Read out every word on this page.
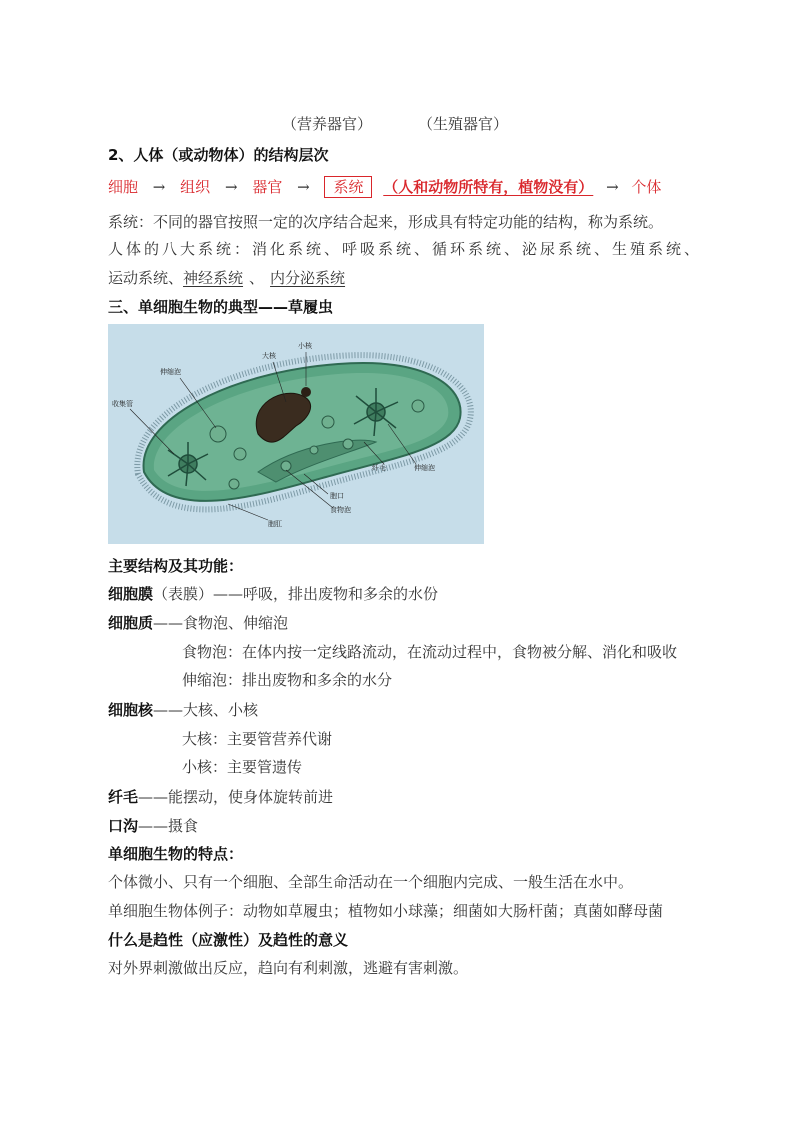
（营养器官）	（生殖器官）
2、人体（或动物体）的结构层次
细胞 → 组织 → 器官 → 系统 （人和动物所特有，植物没有） → 个体
系统：不同的器官按照一定的次序结合起来，形成具有特定功能的结构，称为系统。
人体的八大系统：消化系统、呼吸系统、循环系统、泌尿系统、生殖系统、
运动系统、神经系统 、 内分泌系统
三、单细胞生物的典型——草履虫
大核
小核
伸缩泡
收集管
纤毛	伸缩泡
胞口
食物泡
胞肛
主要结构及其功能：
细胞膜（表膜）——呼吸，排出废物和多余的水份
细胞质——食物泡、伸缩泡
食物泡：在体内按一定线路流动，在流动过程中，食物被分解、消化和吸收
伸缩泡：排出废物和多余的水分
细胞核——大核、小核
大核：主要管营养代谢
小核：主要管遗传
纤毛——能摆动，使身体旋转前进
口沟——摄食
单细胞生物的特点：
个体微小、只有一个细胞、全部生命活动在一个细胞内完成、一般生活在水中。
单细胞生物体例子：动物如草履虫；植物如小球藻；细菌如大肠杆菌；真菌如酵母菌
什么是趋性（应激性）及趋性的意义
对外界刺激做出反应，趋向有利刺激，逃避有害刺激。
